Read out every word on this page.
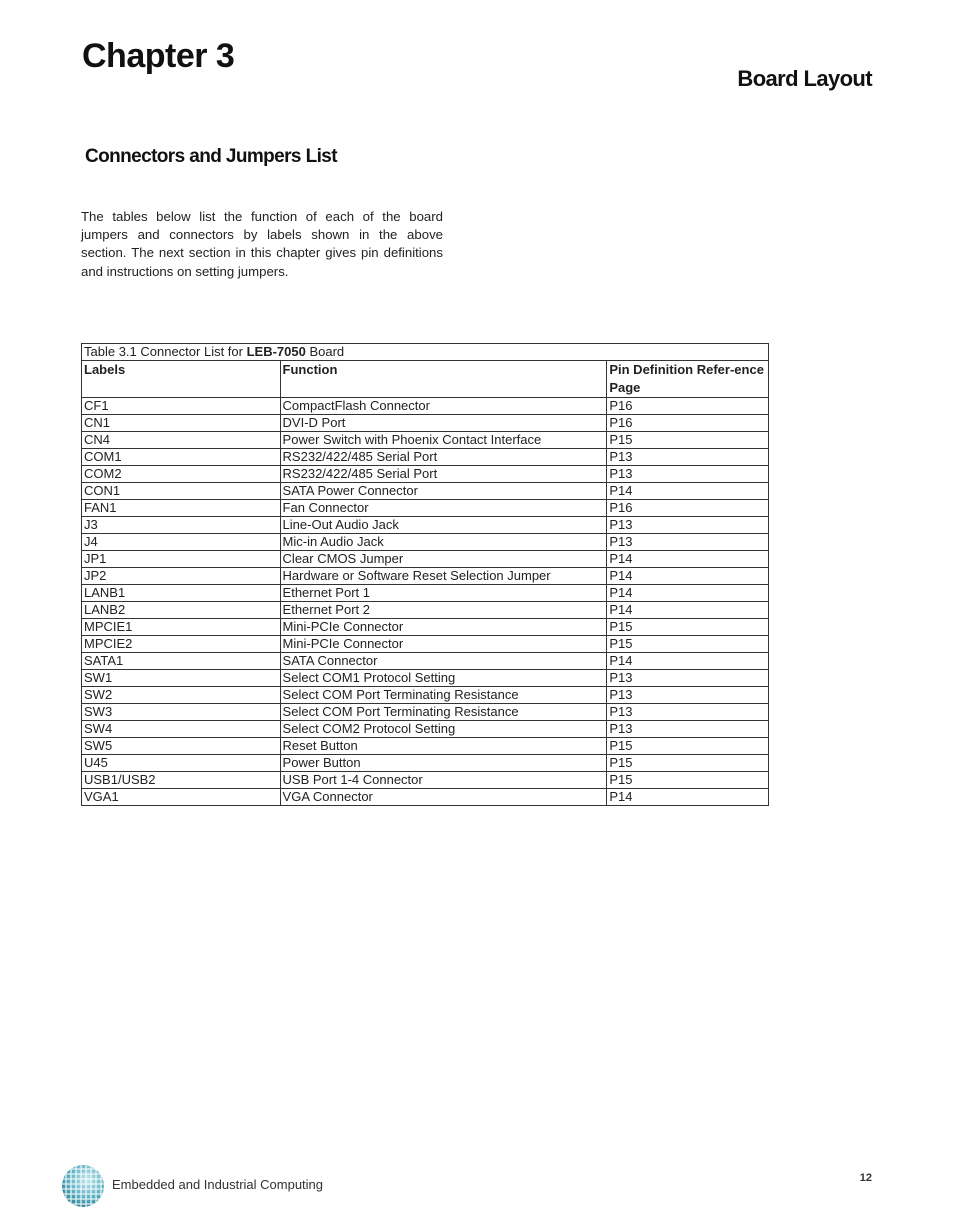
Chapter 3
Board Layout
Connectors and Jumpers List

The tables below list the function of each of the board jumpers and connectors by labels shown in the above section. The next section in this chapter gives pin definitions and instructions on setting jumpers.

Table 3.1 Connector List for LEB-7050 Board		
Labels	Function	Pin Definition Refer-ence Page
CF1	CompactFlash Connector	P16
CN1	DVI-D Port	P16
CN4	Power Switch with Phoenix Contact Interface	P15
COM1	RS232/422/485 Serial Port	P13
COM2	RS232/422/485 Serial Port	P13
CON1	SATA Power Connector	P14
FAN1	Fan Connector	P16
J3	Line-Out Audio Jack	P13
J4	Mic-in Audio Jack	P13
JP1	Clear CMOS Jumper	P14
JP2	Hardware or Software Reset Selection Jumper	P14
LANB1	Ethernet Port 1	P14
LANB2	Ethernet Port 2	P14
MPCIE1	Mini-PCIe Connector	P15
MPCIE2	Mini-PCIe Connector	P15
SATA1	SATA Connector	P14
SW1	Select COM1 Protocol Setting	P13
SW2	Select COM Port Terminating Resistance	P13
SW3	Select COM Port Terminating Resistance	P13
SW4	Select COM2 Protocol Setting	P13
SW5	Reset Button	P15
U45	Power Button	P15
USB1/USB2	USB Port 1-4 Connector	P15
VGA1	VGA Connector	P14
Embedded and Industrial Computing	12
